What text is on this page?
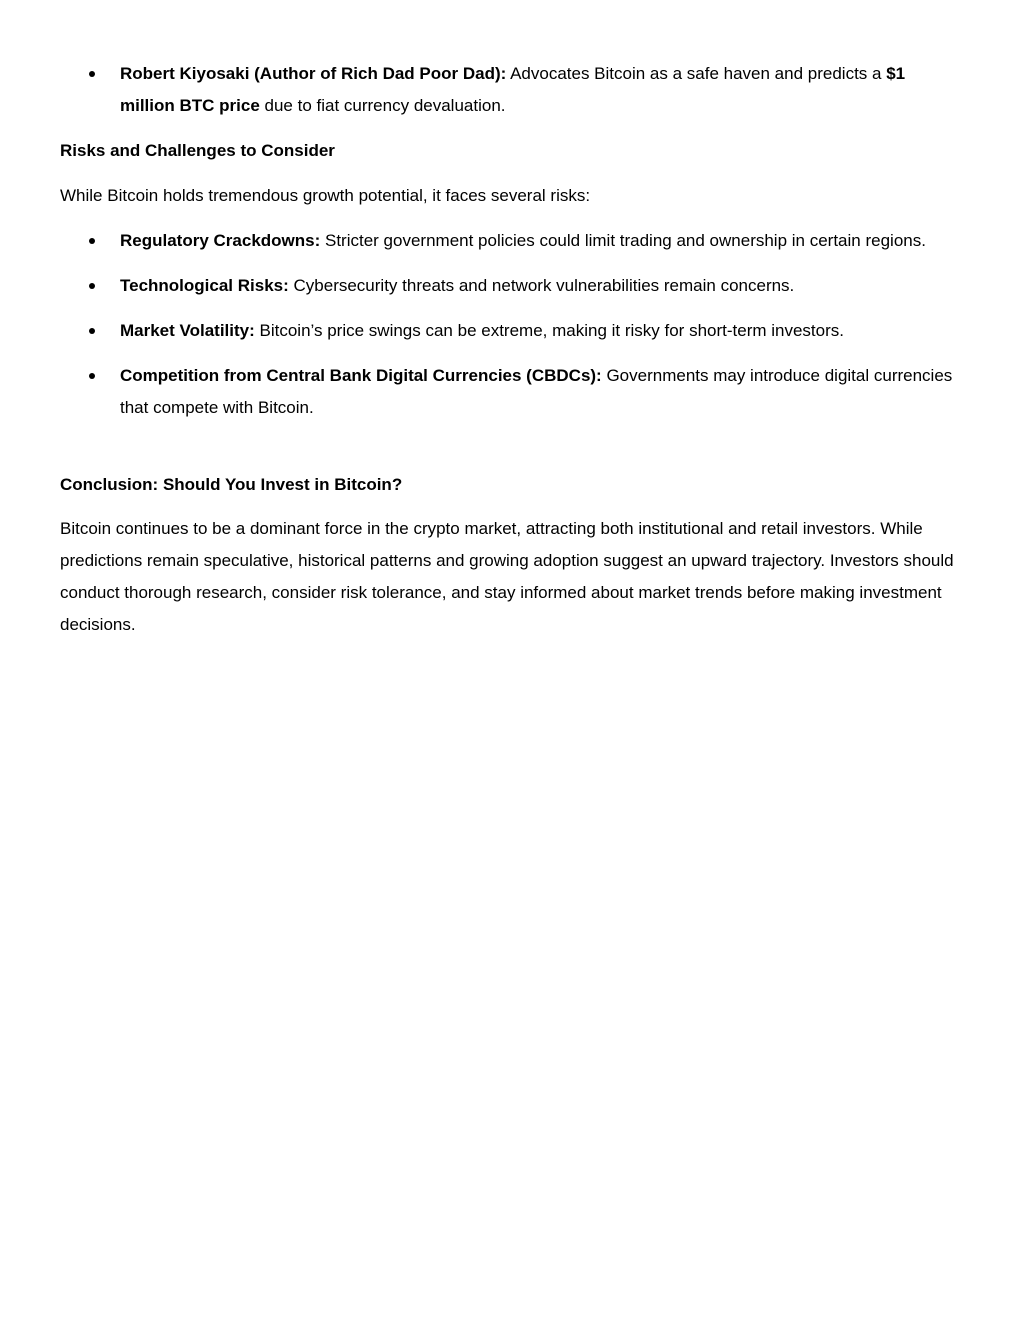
Robert Kiyosaki (Author of Rich Dad Poor Dad): Advocates Bitcoin as a safe haven and predicts a $1 million BTC price due to fiat currency devaluation.
Risks and Challenges to Consider

While Bitcoin holds tremendous growth potential, it faces several risks:

Regulatory Crackdowns: Stricter government policies could limit trading and ownership in certain regions.
Technological Risks: Cybersecurity threats and network vulnerabilities remain concerns.
Market Volatility: Bitcoin’s price swings can be extreme, making it risky for short-term investors.
Competition from Central Bank Digital Currencies (CBDCs): Governments may introduce digital currencies that compete with Bitcoin.
Conclusion: Should You Invest in Bitcoin?

Bitcoin continues to be a dominant force in the crypto market, attracting both institutional and retail investors. While predictions remain speculative, historical patterns and growing adoption suggest an upward trajectory. Investors should conduct thorough research, consider risk tolerance, and stay informed about market trends before making investment decisions.
